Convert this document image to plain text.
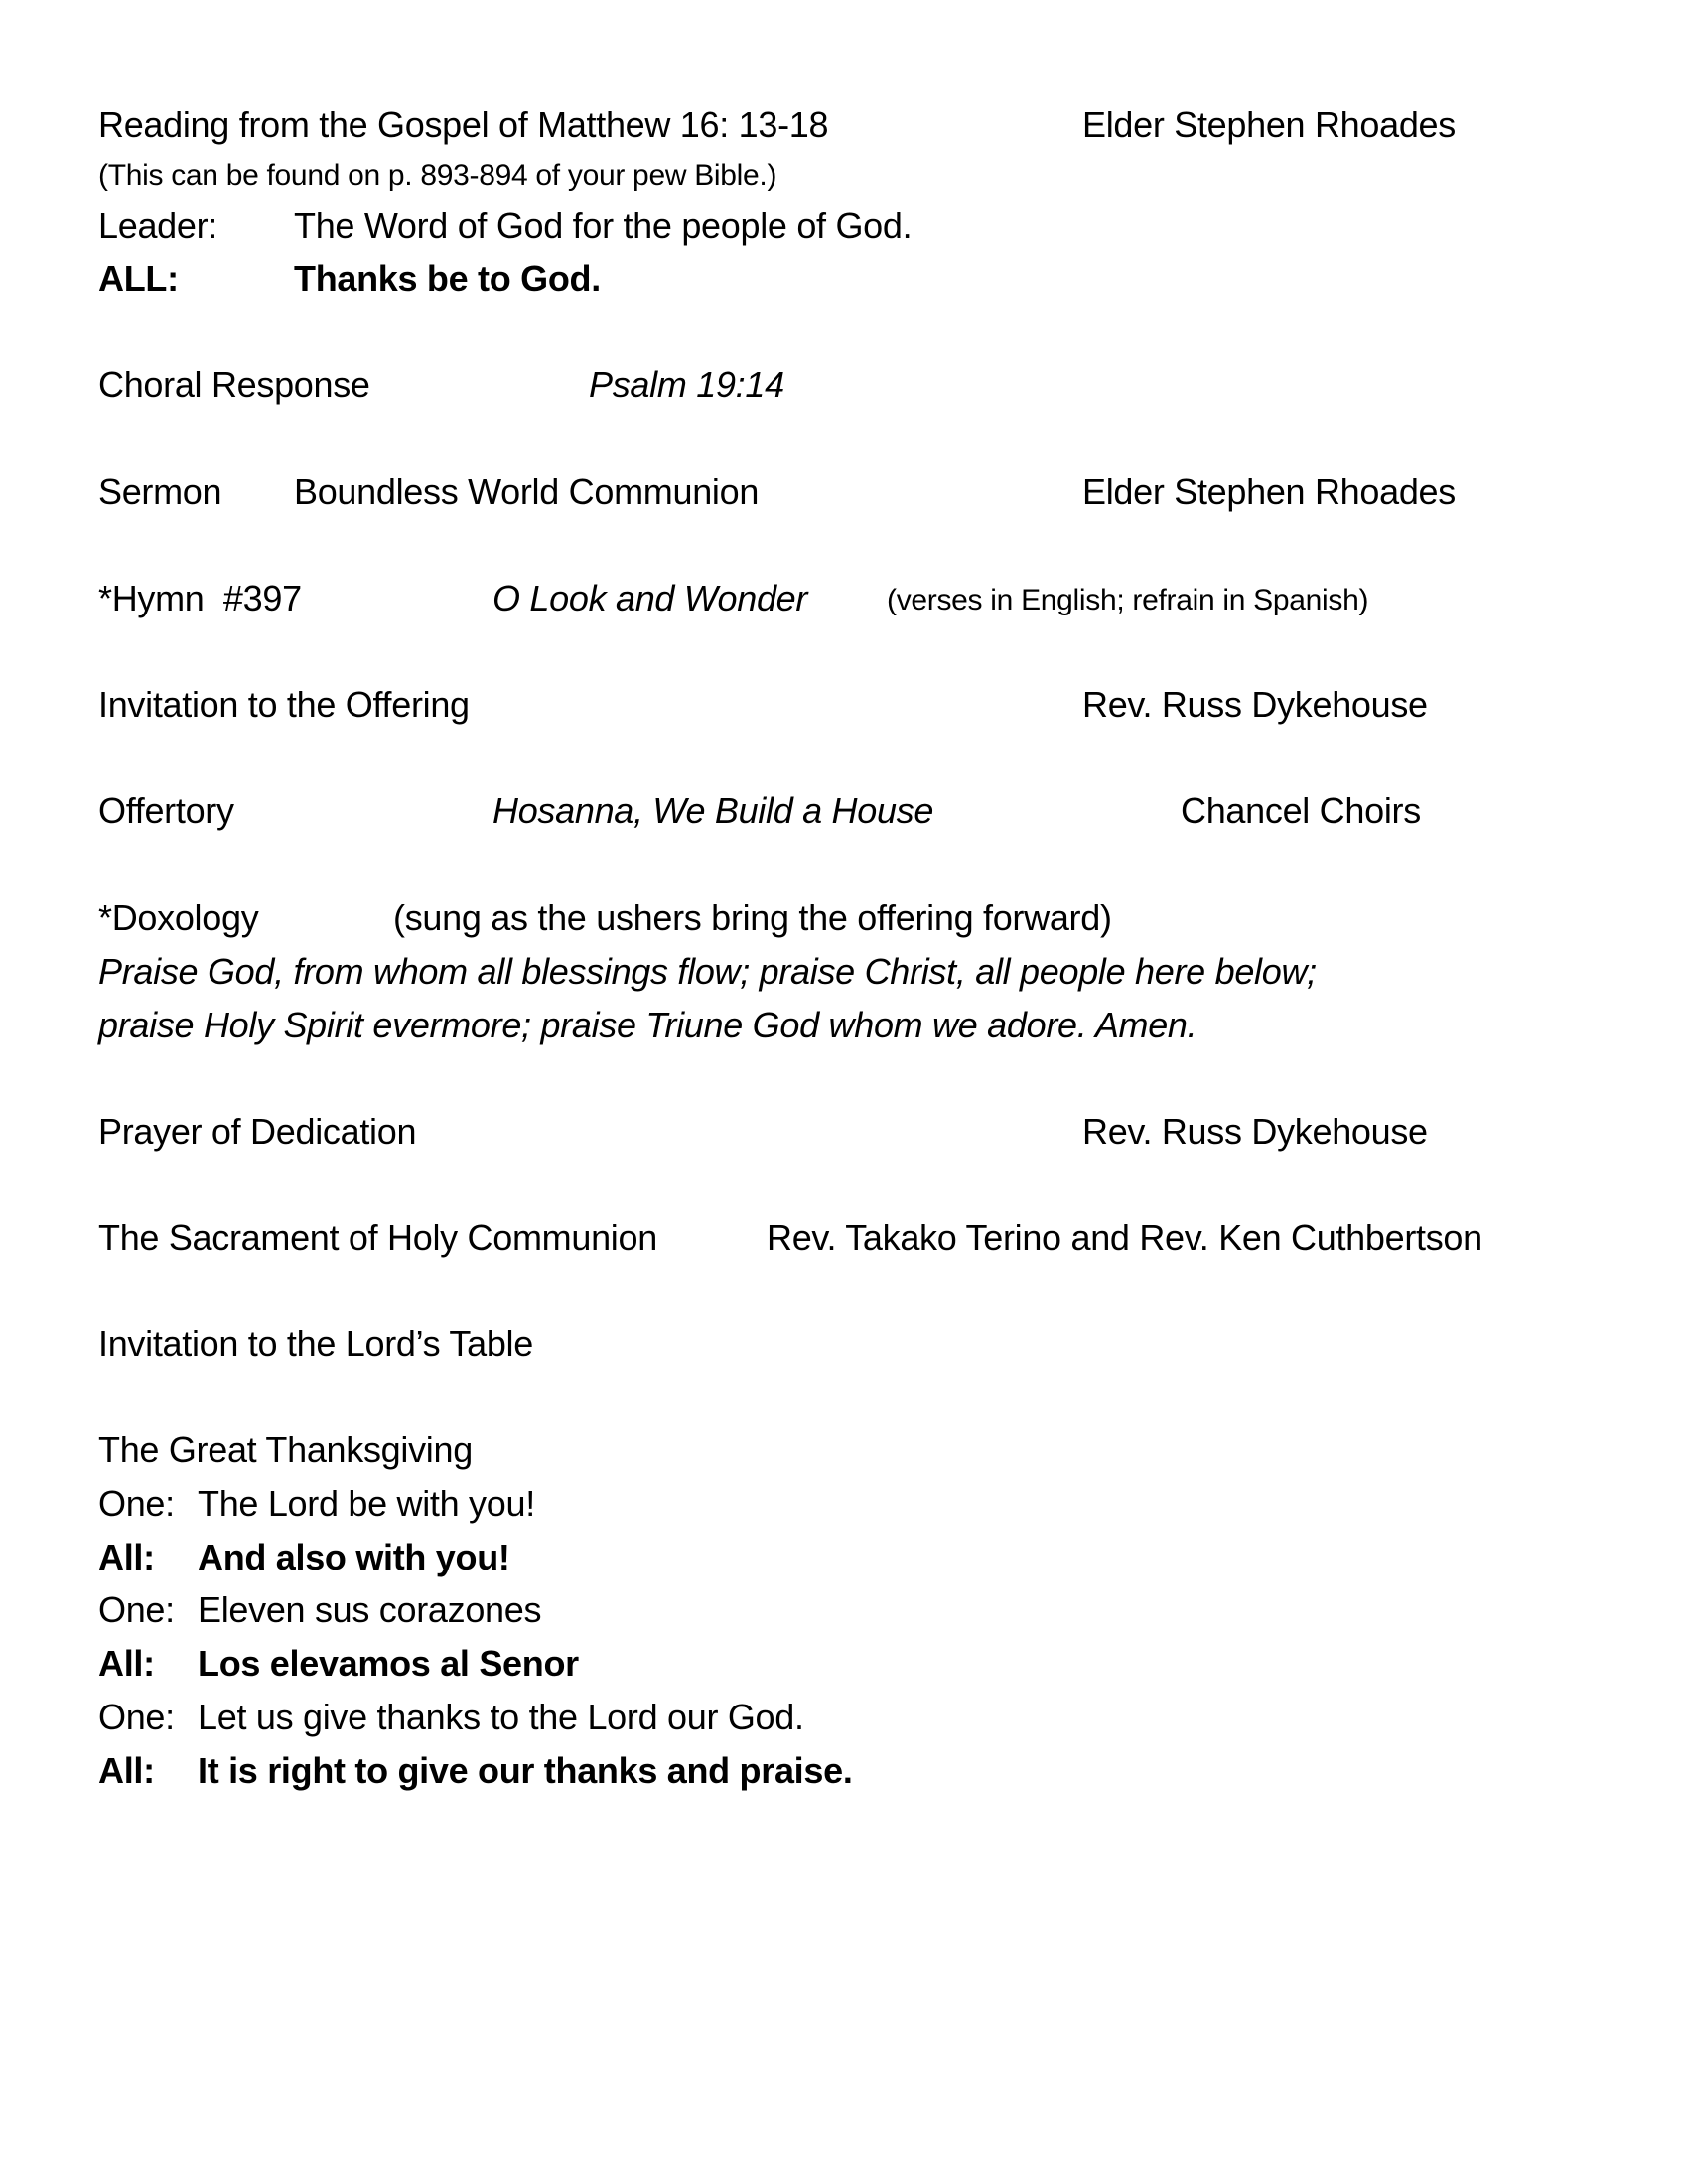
Reading from the Gospel of Matthew 16: 13-18	Elder Stephen Rhoades
(This can be found on p. 893-894 of your pew Bible.)
Leader: The Word of God for the people of God.
ALL:	Thanks be to God.
Choral Response	Psalm 19:14
Sermon Boundless World Communion	Elder Stephen Rhoades
*Hymn  #397	O Look and Wonder	(verses in English; refrain in Spanish)
Invitation to the Offering	Rev. Russ Dykehouse
Offertory	Hosanna, We Build a House	Chancel Choirs
*Doxology	(sung as the ushers bring the offering forward)
Praise God, from whom all blessings flow; praise Christ, all people here below;
praise Holy Spirit evermore; praise Triune God whom we adore. Amen.
Prayer of Dedication	Rev. Russ Dykehouse
The Sacrament of Holy Communion	Rev. Takako Terino and Rev. Ken Cuthbertson
Invitation to the Lord’s Table
The Great Thanksgiving
One: The Lord be with you!
All: And also with you!
One: Eleven sus corazones
All: Los elevamos al Senor
One: Let us give thanks to the Lord our God.
All: It is right to give our thanks and praise.
